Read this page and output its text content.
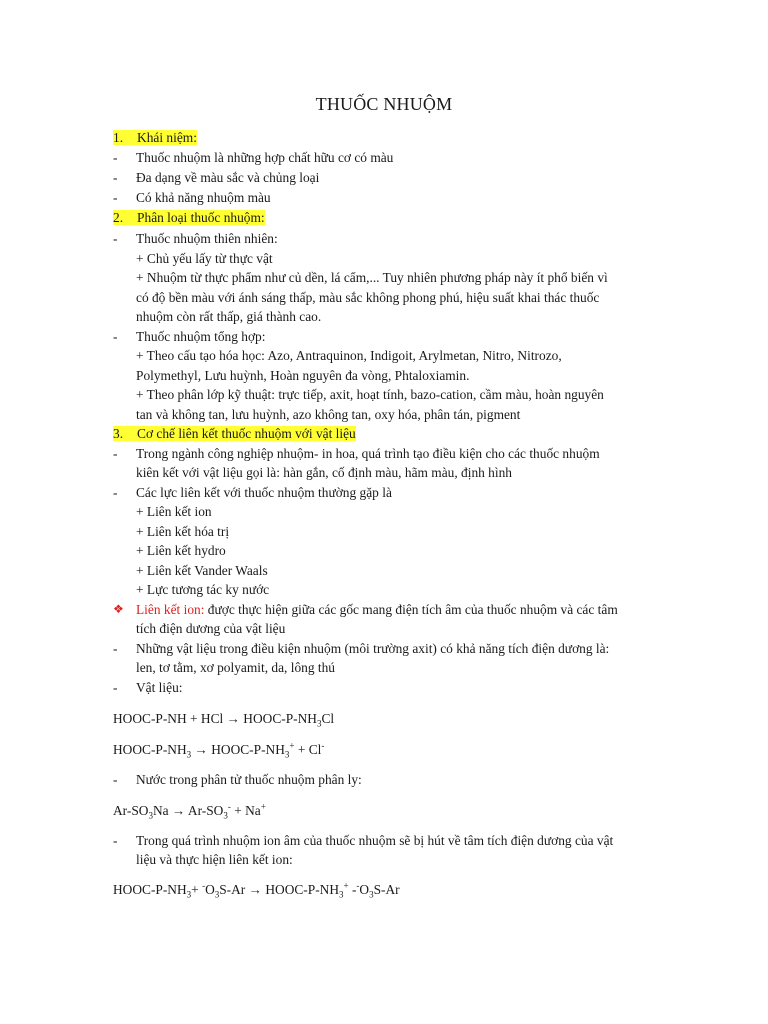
THUỐC NHUỘM
1. Khái niệm:
- Thuốc nhuộm là những hợp chất hữu cơ có màu
- Đa dạng về màu sắc và chủng loại
- Có khả năng nhuộm màu
2. Phân loại thuốc nhuộm:
- Thuốc nhuộm thiên nhiên:
+ Chủ yếu lấy từ thực vật
+ Nhuộm từ thực phẩm như củ dền, lá cẩm,... Tuy nhiên phương pháp này ít phổ biến vì
có độ bền màu với ánh sáng thấp, màu sắc không phong phú, hiệu suất khai thác thuốc
nhuộm còn rất thấp, giá thành cao.
- Thuốc nhuộm tổng hợp:
+ Theo cấu tạo hóa học: Azo, Antraquinon, Indigoit, Arylmetan, Nitro, Nitrozo,
Polymethyl, Lưu huỳnh, Hoàn nguyên đa vòng, Phtaloxiamin.
+ Theo phân lớp kỹ thuật: trực tiếp, axit, hoạt tính, bazo-cation, cầm màu, hoàn nguyên
tan và không tan, lưu huỳnh, azo không tan, oxy hóa, phân tán, pigment
3. Cơ chế liên kết thuốc nhuộm với vật liệu
- Trong ngành công nghiệp nhuộm- in hoa, quá trình tạo điều kiện cho các thuốc nhuộm
kiên kết với vật liệu gọi là: hàn gắn, cố định màu, hãm màu, định hình
- Các lực liên kết với thuốc nhuộm thường gặp là
+ Liên kết ion
+ Liên kết hóa trị
+ Liên kết hydro
+ Liên kết Vander Waals
+ Lực tương tác ky nước
❖ Liên kết ion: được thực hiện giữa các gốc mang điện tích âm của thuốc nhuộm và các tâm
tích điện dương của vật liệu
- Những vật liệu trong điều kiện nhuộm (môi trường axit) có khả năng tích điện dương là:
len, tơ tằm, xơ polyamit, da, lông thú
- Vật liệu:
HOOC-P-NH + HCl → HOOC-$P-NH_3Cl$
HOOC-$P-NH_3$ → HOOC-$P-NH_3^+ + Cl^-$
- Nước trong phân tử thuốc nhuộm phân ly:
$Ar-SO_3Na \to Ar-SO_3^- + Na^+$
- Trong quá trình nhuộm ion âm của thuốc nhuộm sẽ bị hút về tâm tích điện dương của vật
liệu và thực hiện liên kết ion:
HOOC-$P-NH_3+ ^-O_3S-Ar$ → HOOC-$P-NH_3^+$ $-^-O_3S-Ar$
